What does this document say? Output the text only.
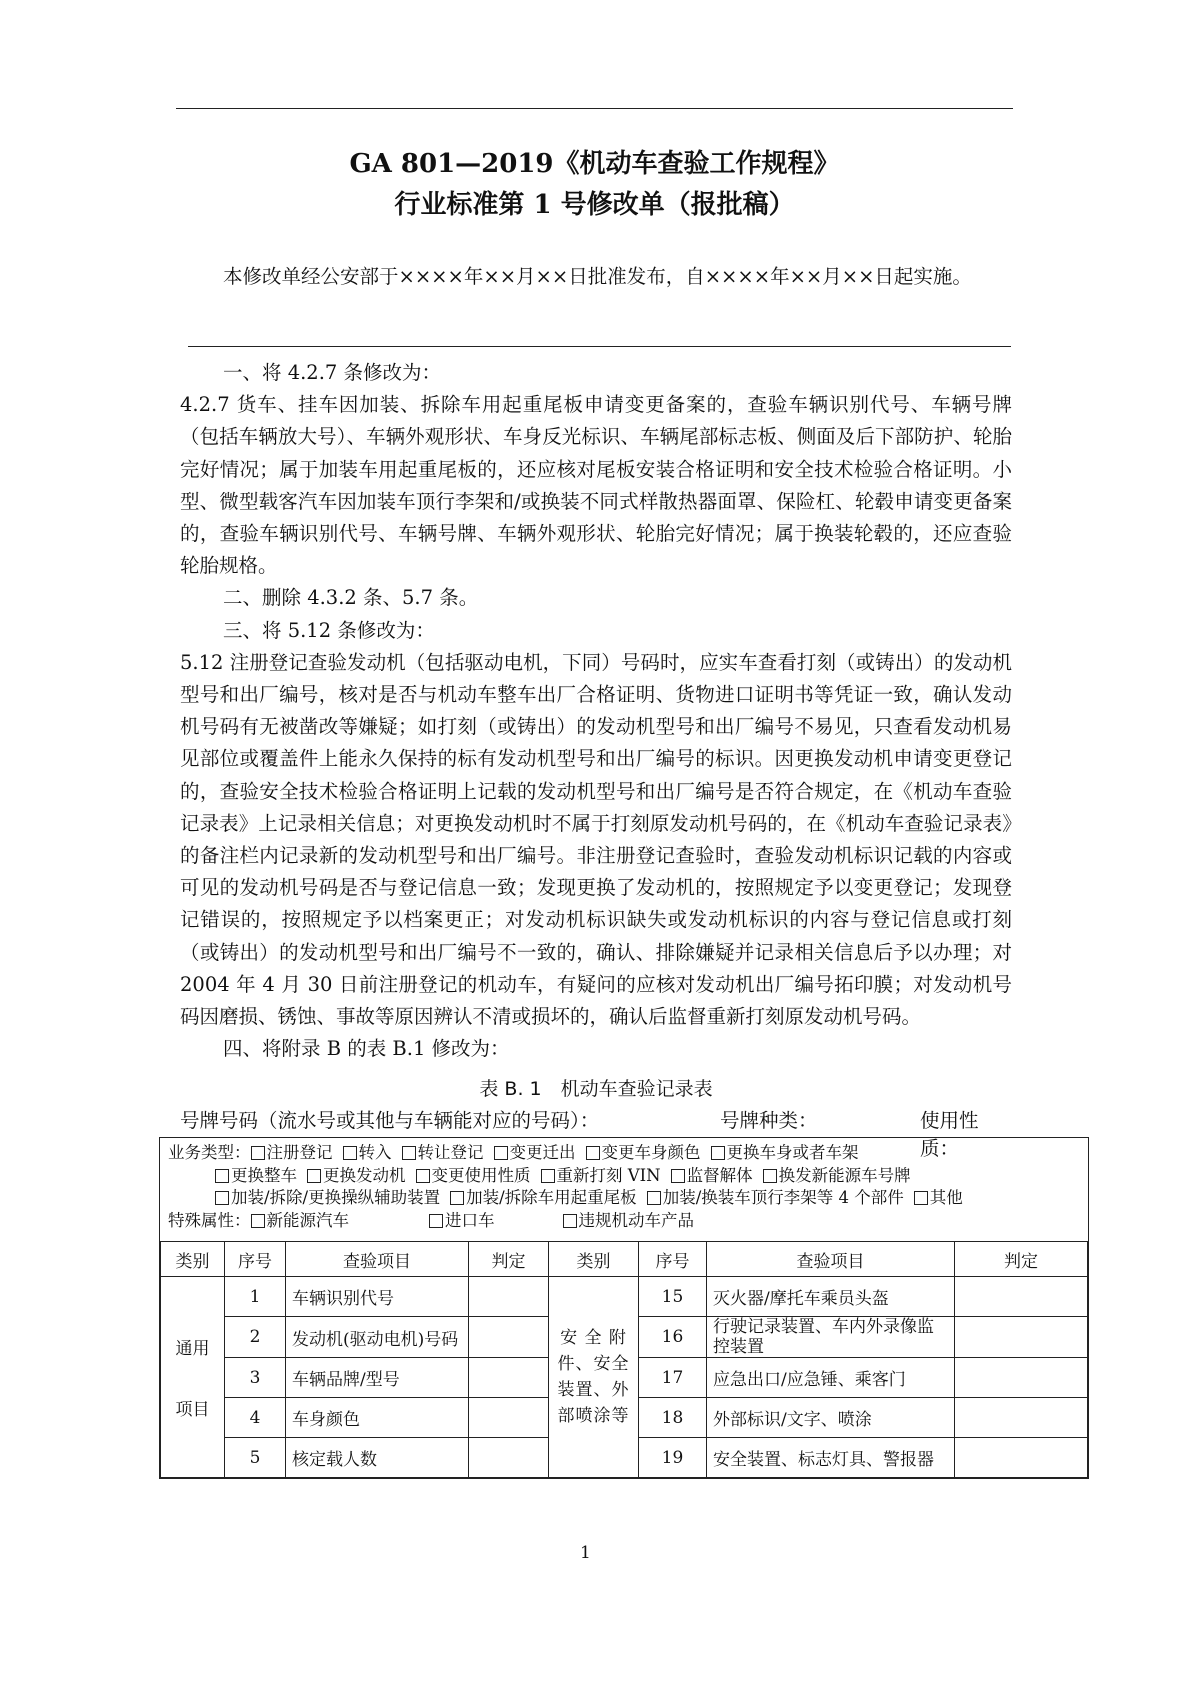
GA 801—2019《机动车查验工作规程》
行业标准第 1 号修改单（报批稿）

本修改单经公安部于××××年××月××日批准发布，自××××年××月××日起实施。

一、将 4.2.7 条修改为：

4.2.7 货车、挂车因加装、拆除车用起重尾板申请变更备案的，查验车辆识别代号、车辆号牌（包括车辆放大号）、车辆外观形状、车身反光标识、车辆尾部标志板、侧面及后下部防护、轮胎完好情况；属于加装车用起重尾板的，还应核对尾板安装合格证明和安全技术检验合格证明。小型、微型载客汽车因加装车顶行李架和/或换装不同式样散热器面罩、保险杠、轮毂申请变更备案的，查验车辆识别代号、车辆号牌、车辆外观形状、轮胎完好情况；属于换装轮毂的，还应查验轮胎规格。

二、删除 4.3.2 条、5.7 条。

三、将 5.12 条修改为：

5.12 注册登记查验发动机（包括驱动电机，下同）号码时，应实车查看打刻（或铸出）的发动机型号和出厂编号，核对是否与机动车整车出厂合格证明、货物进口证明书等凭证一致，确认发动机号码有无被凿改等嫌疑；如打刻（或铸出）的发动机型号和出厂编号不易见，只查看发动机易见部位或覆盖件上能永久保持的标有发动机型号和出厂编号的标识。因更换发动机申请变更登记的，查验安全技术检验合格证明上记载的发动机型号和出厂编号是否符合规定，在《机动车查验记录表》上记录相关信息；对更换发动机时不属于打刻原发动机号码的，在《机动车查验记录表》的备注栏内记录新的发动机型号和出厂编号。非注册登记查验时，查验发动机标识记载的内容或可见的发动机号码是否与登记信息一致；发现更换了发动机的，按照规定予以变更登记；发现登记错误的，按照规定予以档案更正；对发动机标识缺失或发动机标识的内容与登记信息或打刻（或铸出）的发动机型号和出厂编号不一致的，确认、排除嫌疑并记录相关信息后予以办理；对 2004 年 4 月 30 日前注册登记的机动车，有疑问的应核对发动机出厂编号拓印膜；对发动机号码因磨损、锈蚀、事故等原因辨认不清或损坏的，确认后监督重新打刻原发动机号码。

四、将附录 B 的表 B.1 修改为：

表 B. 1　机动车查验记录表
号牌号码（流水号或其他与车辆能对应的号码）：	号牌种类：	使用性质：
业务类型： 注册登记 转入 转让登记 变更迁出 变更车身颜色 更换车身或者车架
更换整车 更换发动机 变更使用性质 重新打刻 VIN 监督解体 换发新能源车号牌
加装/拆除/更换操纵辅助装置 加装/拆除车用起重尾板 加装/换装车顶行李架等 4 个部件 其他
特殊属性： 新能源汽车	进口车	违规机动车产品
类别	序号	查验项目	判定	类别	序号	查验项目	判定

通用
项目	1	车辆识别代号		安 全 附件、安全装置、外部喷涂等	15	灭火器/摩托车乘员头盔	
	2	发动机(驱动电机)号码			16	行驶记录装置、车内外录像监控装置	
	3	车辆品牌/型号			17	应急出口/应急锤、乘客门	
	4	车身颜色			18	外部标识/文字、喷涂	
	5	核定载人数			19	安全装置、标志灯具、警报器	
1
